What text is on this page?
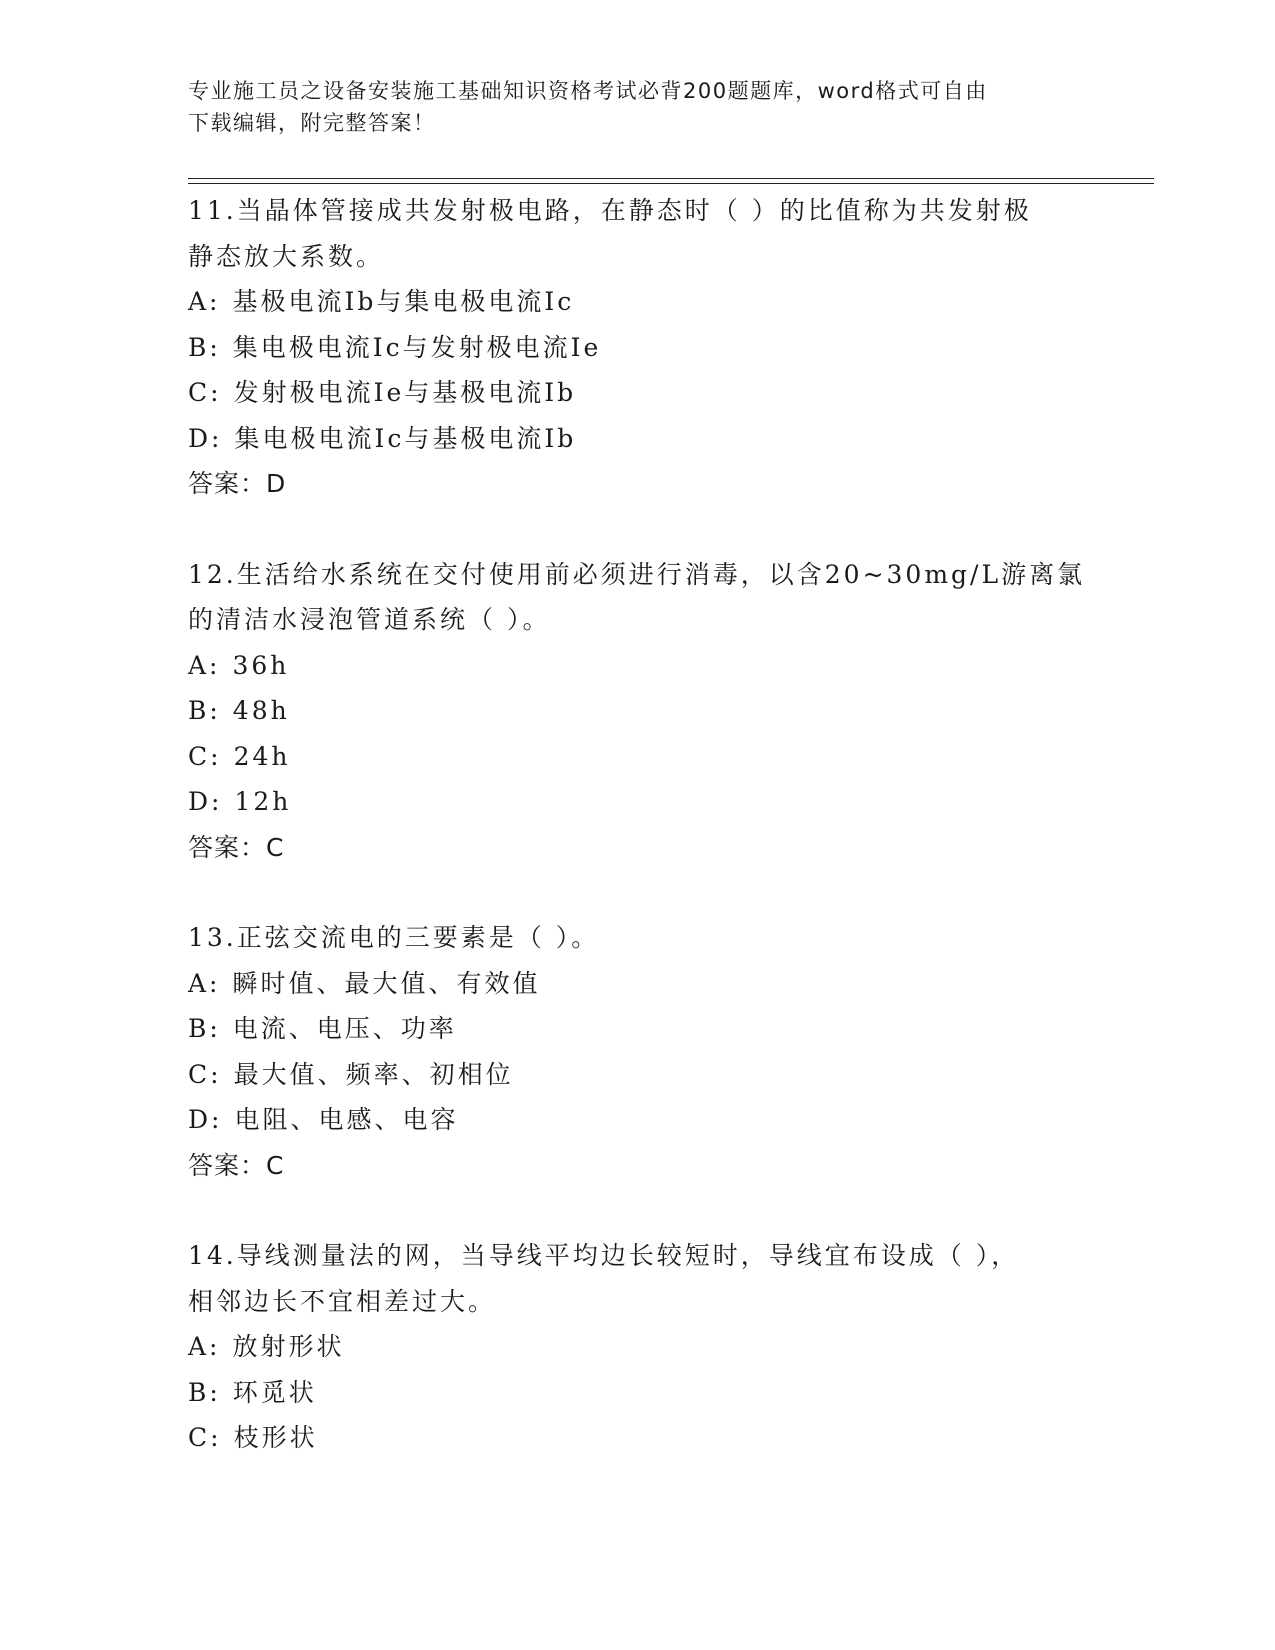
专业施工员之设备安装施工基础知识资格考试必背200题题库，word格式可自由
下载编辑，附完整答案！
11.当晶体管接成共发射极电路，在静态时（ ）的比值称为共发射极
静态放大系数。
A: 基极电流Ib与集电极电流Ic
B: 集电极电流Ic与发射极电流Ie
C: 发射极电流Ie与基极电流Ib
D: 集电极电流Ic与基极电流Ib
答案：D
12.生活给水系统在交付使用前必须进行消毒，以含20~30mg/L游离氯
的清洁水浸泡管道系统（ ）。
A: 36h
B: 48h
C: 24h
D: 12h
答案：C
13.正弦交流电的三要素是（ ）。
A: 瞬时值、最大值、有效值
B: 电流、电压、功率
C: 最大值、频率、初相位
D: 电阻、电感、电容
答案：C
14.导线测量法的网，当导线平均边长较短时，导线宜布设成（ ），
相邻边长不宜相差过大。
A: 放射形状
B: 环觅状
C: 枝形状
